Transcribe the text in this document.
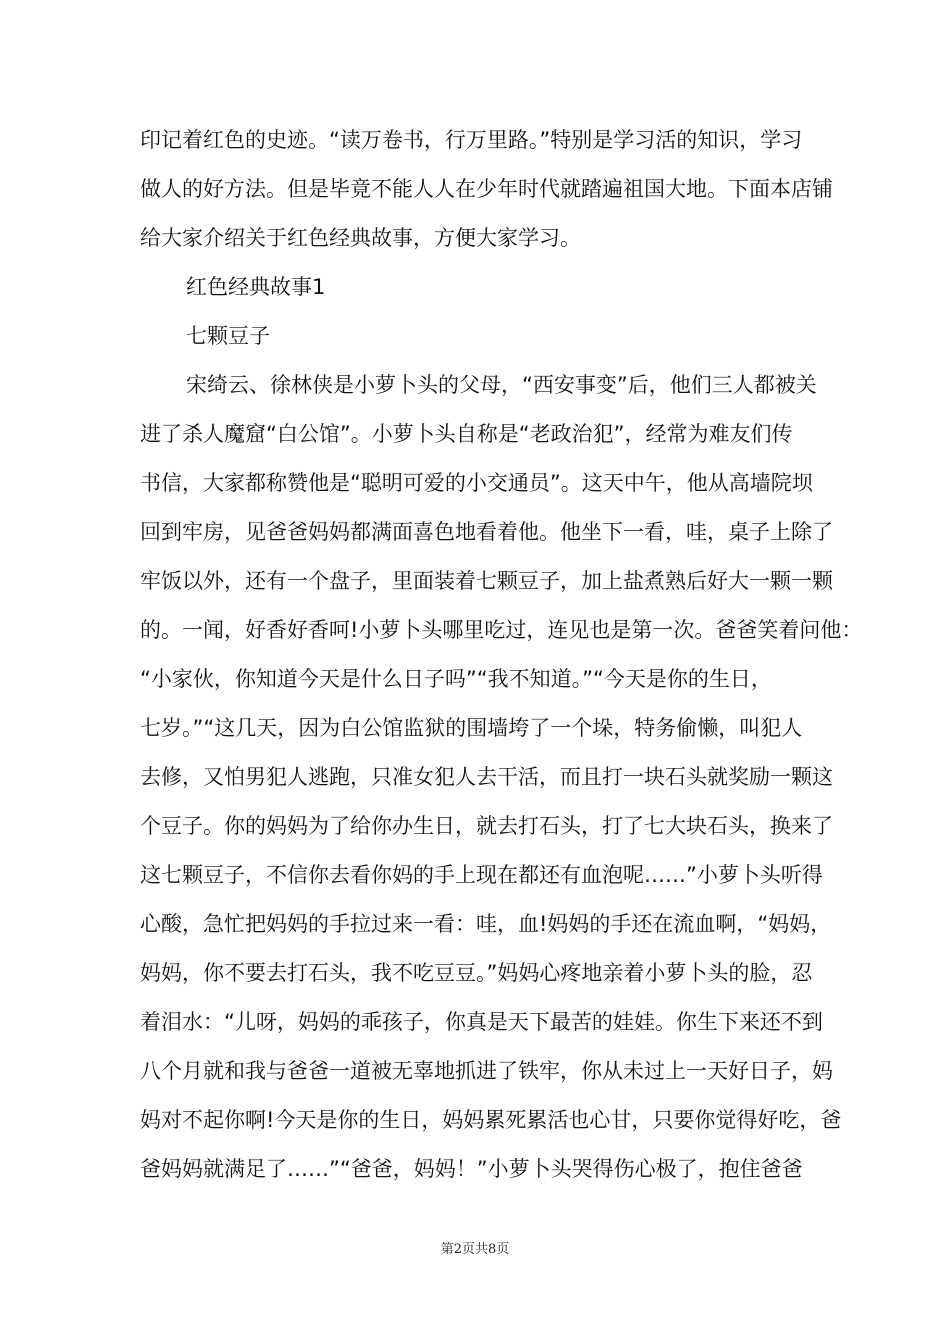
印记着红色的史迹。“读万卷书，行万里路。”特别是学习活的知识，学习
做人的好方法。但是毕竟不能人人在少年时代就踏遍祖国大地。下面本店铺
给大家介绍关于红色经典故事，方便大家学习。
红色经典故事1
七颗豆子
宋绮云、徐林侠是小萝卜头的父母，“西安事变”后，他们三人都被关
进了杀人魔窟“白公馆”。小萝卜头自称是“老政治犯”，经常为难友们传
书信，大家都称赞他是“聪明可爱的小交通员”。这天中午，他从高墙院坝
回到牢房，见爸爸妈妈都满面喜色地看着他。他坐下一看，哇，桌子上除了
牢饭以外，还有一个盘子，里面装着七颗豆子，加上盐煮熟后好大一颗一颗
的。一闻，好香好香呵!小萝卜头哪里吃过，连见也是第一次。爸爸笑着问他：
“小家伙，你知道今天是什么日子吗”“我不知道。”“今天是你的生日，
七岁。”“这几天，因为白公馆监狱的围墙垮了一个垛，特务偷懒，叫犯人
去修，又怕男犯人逃跑，只准女犯人去干活，而且打一块石头就奖励一颗这
个豆子。你的妈妈为了给你办生日，就去打石头，打了七大块石头，换来了
这七颗豆子，不信你去看你妈的手上现在都还有血泡呢……”小萝卜头听得
心酸，急忙把妈妈的手拉过来一看：哇，血!妈妈的手还在流血啊，“妈妈，
妈妈，你不要去打石头，我不吃豆豆。”妈妈心疼地亲着小萝卜头的脸，忍
着泪水：“儿呀，妈妈的乖孩子，你真是天下最苦的娃娃。你生下来还不到
八个月就和我与爸爸一道被无辜地抓进了铁牢，你从未过上一天好日子，妈
妈对不起你啊!今天是你的生日，妈妈累死累活也心甘，只要你觉得好吃，爸
爸妈妈就满足了……”“爸爸，妈妈！”小萝卜头哭得伤心极了，抱住爸爸
第2页共8页
